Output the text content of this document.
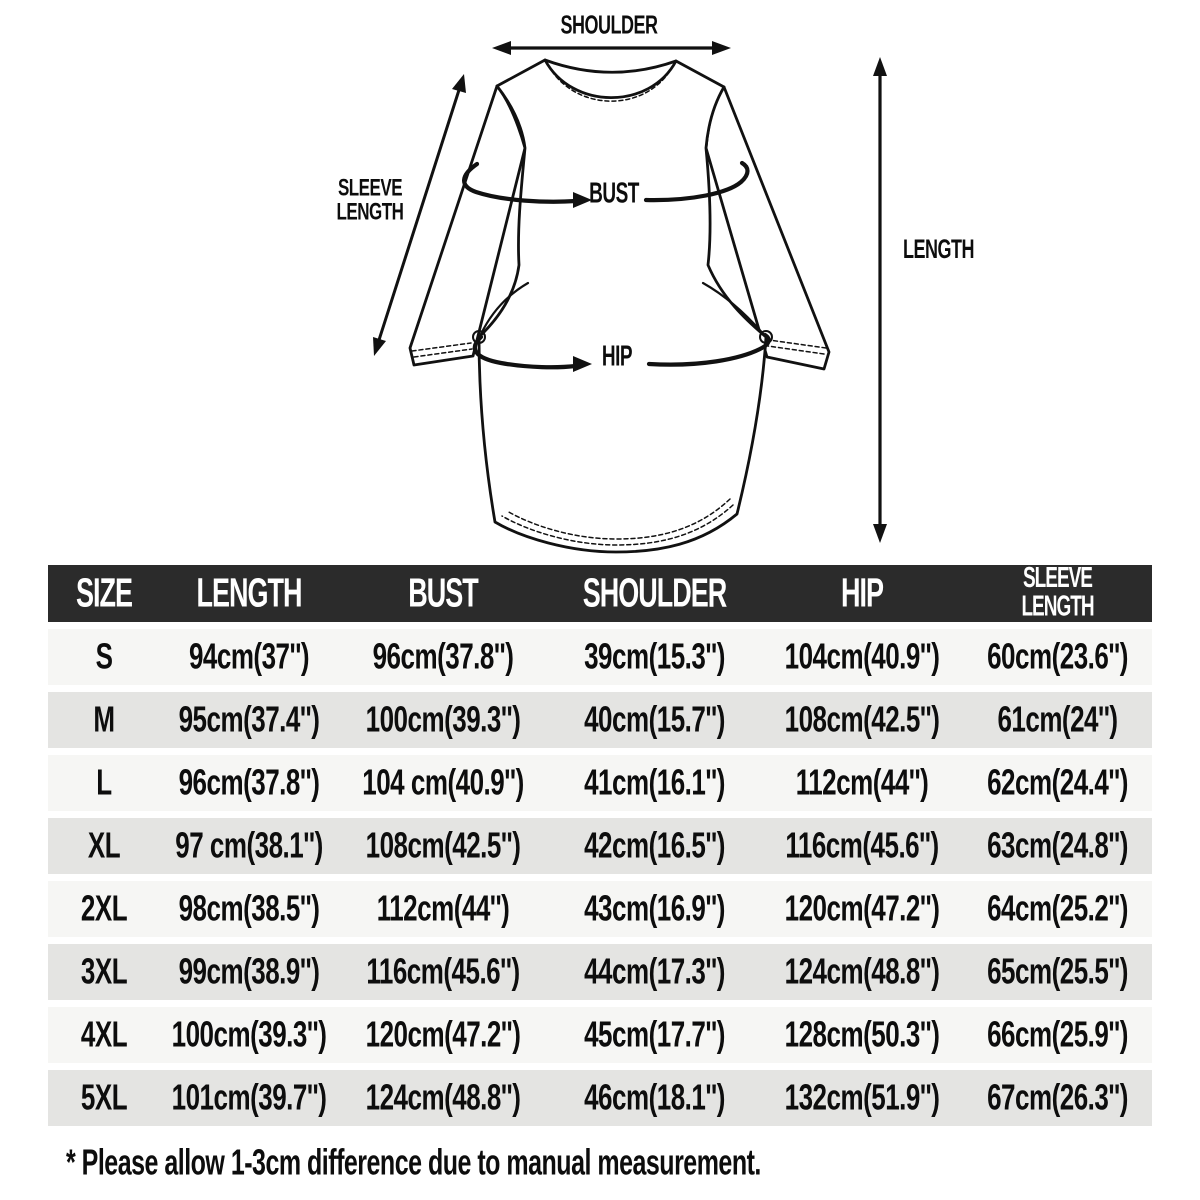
SHOULDER
SLEEVE LENGTH
BUST
HIP
LENGTH
SIZE	LENGTH	BUST	SHOULDER	HIP	SLEEVE LENGTH
S	94cm(37'')	96cm(37.8'')	39cm(15.3'')	104cm(40.9'')	60cm(23.6'')
M	95cm(37.4'')	100cm(39.3'')	40cm(15.7'')	108cm(42.5'')	61cm(24'')
L	96cm(37.8'')	104 cm(40.9'')	41cm(16.1'')	112cm(44'')	62cm(24.4'')
XL	97 cm(38.1'')	108cm(42.5'')	42cm(16.5'')	116cm(45.6'')	63cm(24.8'')
2XL	98cm(38.5'')	112cm(44'')	43cm(16.9'')	120cm(47.2'')	64cm(25.2'')
3XL	99cm(38.9'')	116cm(45.6'')	44cm(17.3'')	124cm(48.8'')	65cm(25.5'')
4XL	100cm(39.3'')	120cm(47.2'')	45cm(17.7'')	128cm(50.3'')	66cm(25.9'')
5XL	101cm(39.7'')	124cm(48.8'')	46cm(18.1'')	132cm(51.9'')	67cm(26.3'')
* Please allow 1-3cm difference due to manual measurement.
